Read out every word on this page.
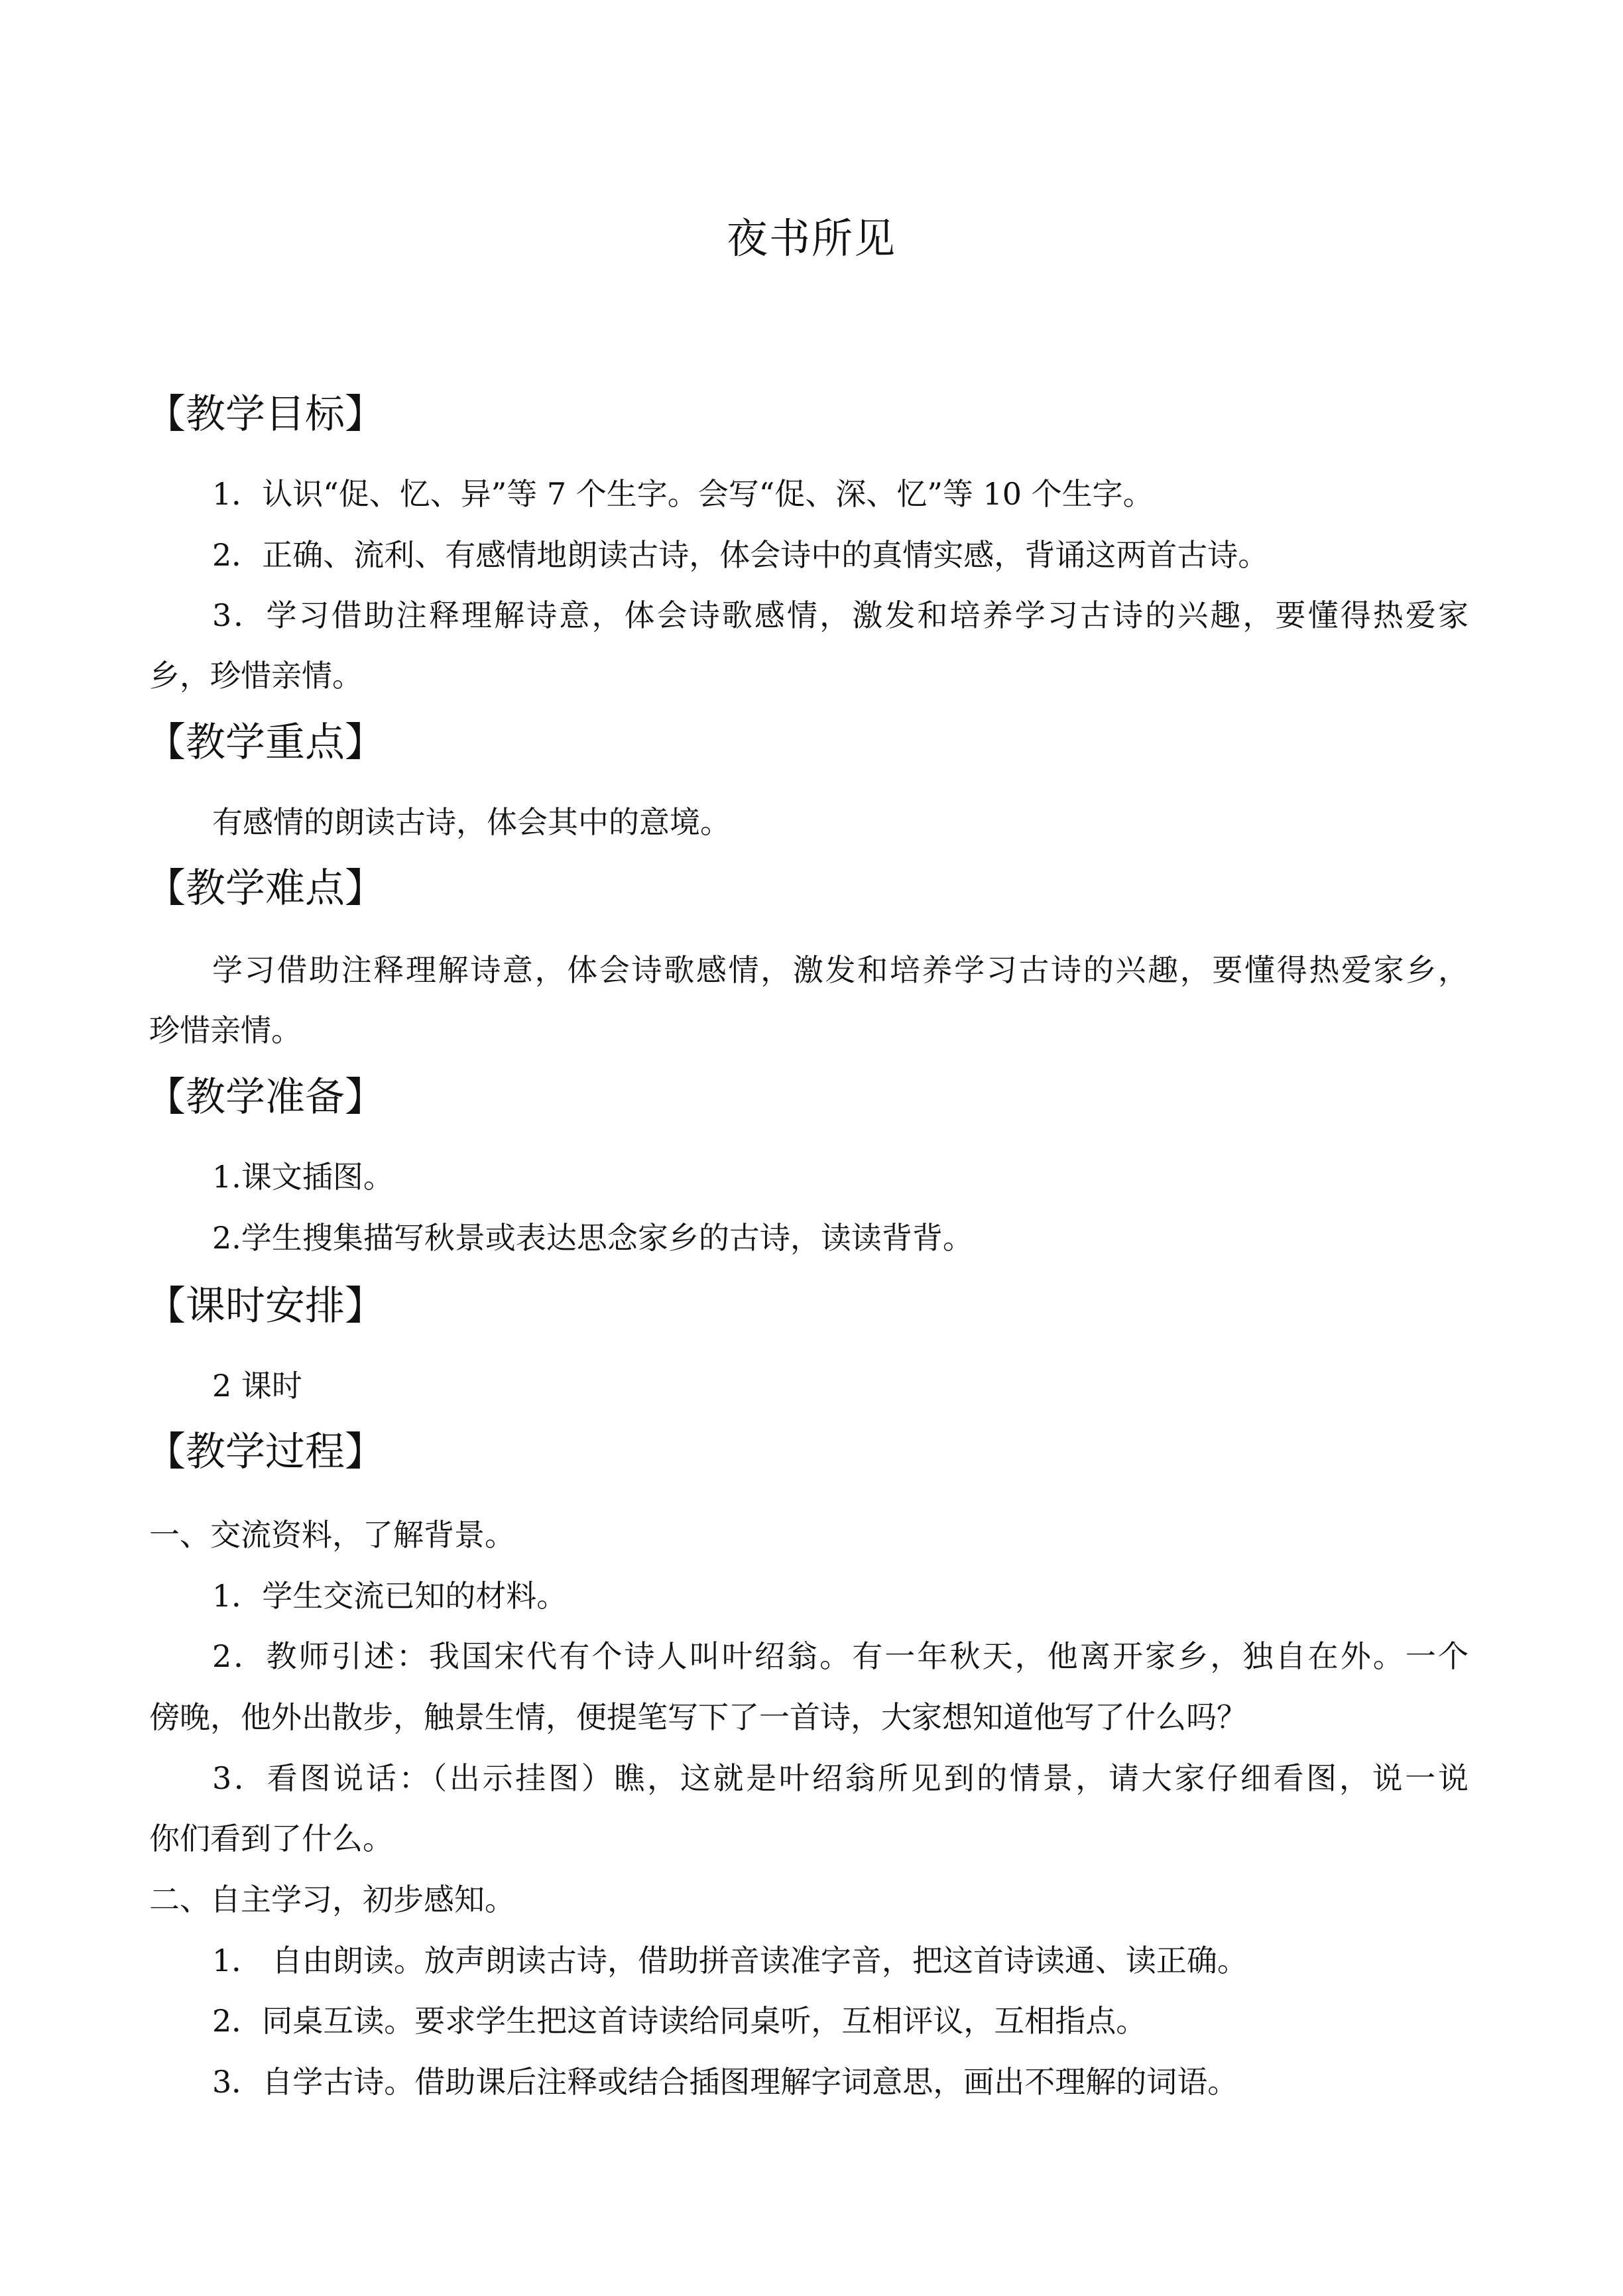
夜书所见
【教学目标】
1．认识“促、忆、异”等 7 个生字。会写“促、深、忆”等 10 个生字。
2．正确、流利、有感情地朗读古诗，体会诗中的真情实感，背诵这两首古诗。
3．学习借助注释理解诗意，体会诗歌感情，激发和培养学习古诗的兴趣，要懂得热爱家
乡，珍惜亲情。
【教学重点】
有感情的朗读古诗，体会其中的意境。
【教学难点】
学习借助注释理解诗意，体会诗歌感情，激发和培养学习古诗的兴趣，要懂得热爱家乡，
珍惜亲情。
【教学准备】
1.课文插图。
2.学生搜集描写秋景或表达思念家乡的古诗，读读背背。
【课时安排】
2 课时
【教学过程】
一、交流资料，了解背景。
1．学生交流已知的材料。
2．教师引述：我国宋代有个诗人叫叶绍翁。有一年秋天，他离开家乡，独自在外。一个
傍晚，他外出散步，触景生情，便提笔写下了一首诗，大家想知道他写了什么吗？
3．看图说话：（出示挂图）瞧，这就是叶绍翁所见到的情景，请大家仔细看图，说一说
你们看到了什么。
二、自主学习，初步感知。
1． 自由朗读。放声朗读古诗，借助拼音读准字音，把这首诗读通、读正确。
2．同桌互读。要求学生把这首诗读给同桌听，互相评议，互相指点。
3．自学古诗。借助课后注释或结合插图理解字词意思，画出不理解的词语。
